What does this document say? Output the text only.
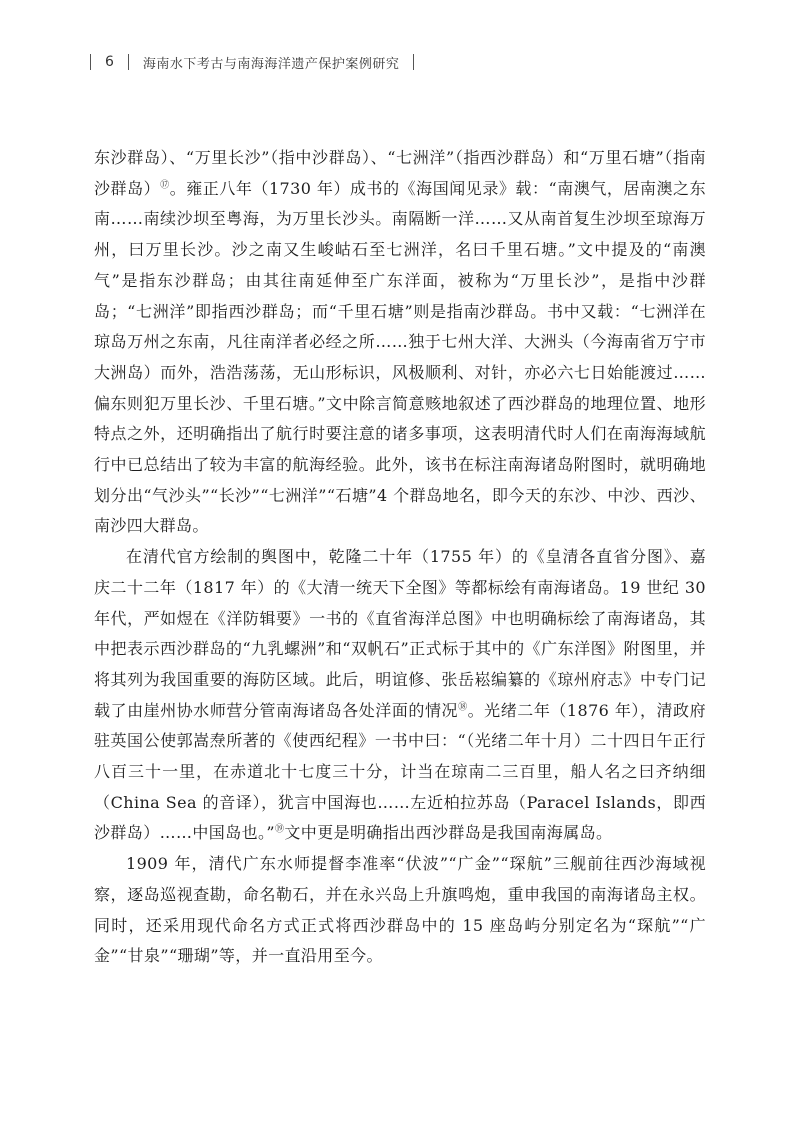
6 海南水下考古与南海海洋遗产保护案例研究

东沙群岛）、“万里长沙”（指中沙群岛）、“七洲洋”（指西沙群岛）和“万里石塘”（指南沙群岛）⑰。雍正八年（1730 年）成书的《海国闻见录》载：“南澳气，居南澳之东南……南续沙坝至粤海，为万里长沙头。南隔断一洋……又从南首复生沙坝至琼海万州，曰万里长沙。沙之南又生峻岵石至七洲洋，名曰千里石塘。”文中提及的“南澳气”是指东沙群岛；由其往南延伸至广东洋面，被称为“万里长沙”，是指中沙群岛；“七洲洋”即指西沙群岛；而“千里石塘”则是指南沙群岛。书中又载：“七洲洋在琼岛万州之东南，凡往南洋者必经之所……独于七州大洋、大洲头（今海南省万宁市大洲岛）而外，浩浩荡荡，无山形标识，风极顺利、对针，亦必六七日始能渡过……偏东则犯万里长沙、千里石塘。”文中除言简意赅地叙述了西沙群岛的地理位置、地形特点之外，还明确指出了航行时要注意的诸多事项，这表明清代时人们在南海海域航行中已总结出了较为丰富的航海经验。此外，该书在标注南海诸岛附图时，就明确地划分出“气沙头”“长沙”“七洲洋”“石塘”4 个群岛地名，即今天的东沙、中沙、西沙、南沙四大群岛。

在清代官方绘制的舆图中，乾隆二十年（1755 年）的《皇清各直省分图》、嘉庆二十二年（1817 年）的《大清一统天下全图》等都标绘有南海诸岛。19 世纪 30 年代，严如煜在《洋防辑要》一书的《直省海洋总图》中也明确标绘了南海诸岛，其中把表示西沙群岛的“九乳螺洲”和“双帆石”正式标于其中的《广东洋图》附图里，并将其列为我国重要的海防区域。此后，明谊修、张岳崧编纂的《琼州府志》中专门记载了由崖州协水师营分管南海诸岛各处洋面的情况⑱。光绪二年（1876 年），清政府驻英国公使郭嵩焘所著的《使西纪程》一书中曰：“（光绪二年十月）二十四日午正行八百三十一里，在赤道北十七度三十分，计当在琼南二三百里，船人名之曰齐纳细（China Sea 的音译），犹言中国海也……左近柏拉苏岛（Paracel Islands，即西沙群岛）……中国岛也。”⑲文中更是明确指出西沙群岛是我国南海属岛。

1909 年，清代广东水师提督李准率“伏波”“广金”“琛航”三舰前往西沙海域视察，逐岛巡视查勘，命名勒石，并在永兴岛上升旗鸣炮，重申我国的南海诸岛主权。同时，还采用现代命名方式正式将西沙群岛中的 15 座岛屿分别定名为“琛航”“广金”“甘泉”“珊瑚”等，并一直沿用至今。
